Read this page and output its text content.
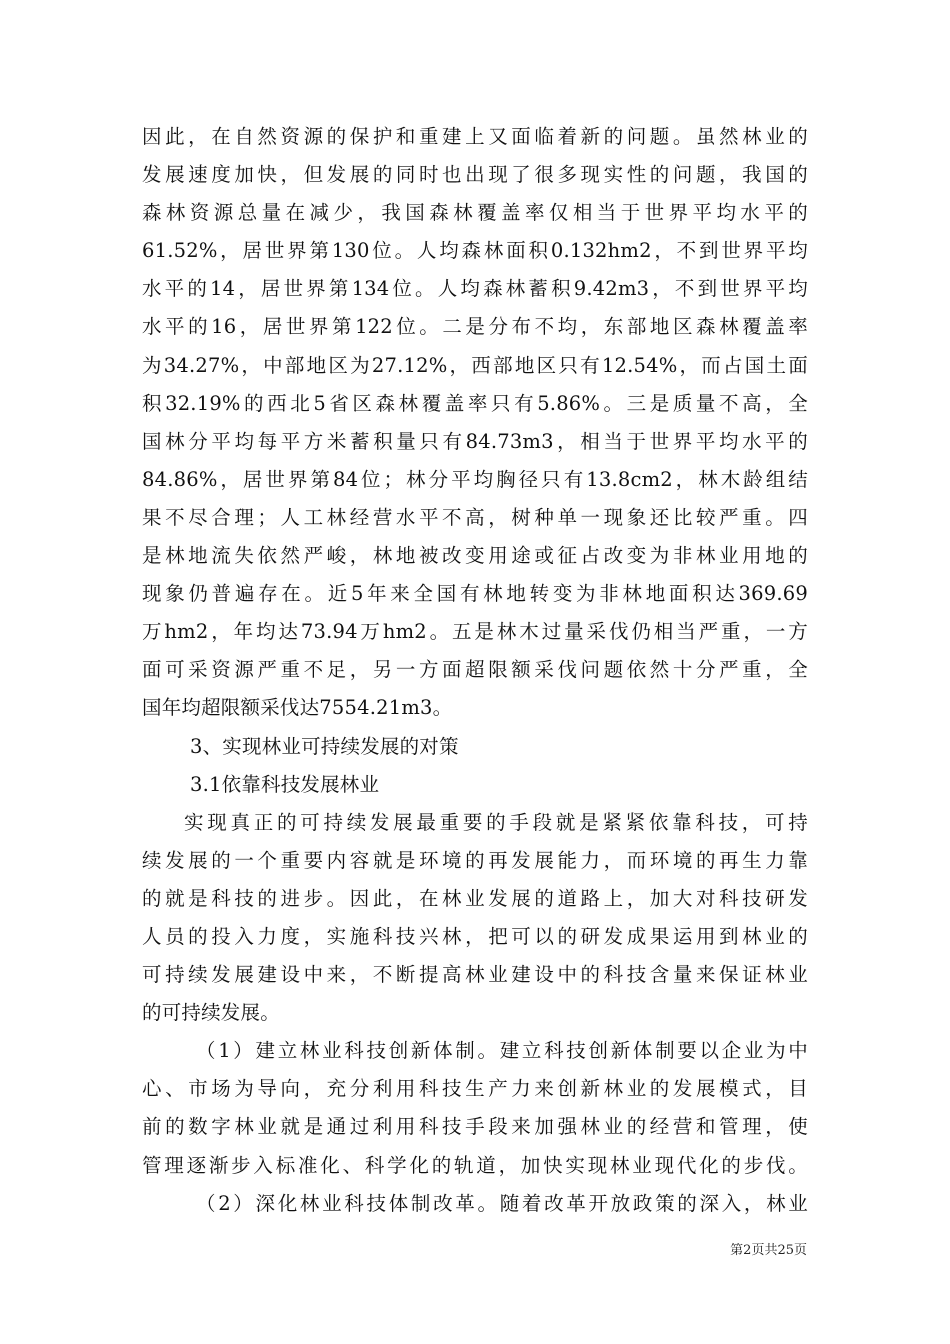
因此，在自然资源的保护和重建上又面临着新的问题。虽然林业的
发展速度加快，但发展的同时也出现了很多现实性的问题，我国的
森林资源总量在减少，我国森林覆盖率仅相当于世界平均水平的
61.52%，居世界第130位。人均森林面积0.132hm2，不到世界平均
水平的14，居世界第134位。人均森林蓄积9.42m3，不到世界平均
水平的16，居世界第122位。二是分布不均，东部地区森林覆盖率
为34.27%，中部地区为27.12%，西部地区只有12.54%，而占国土面
积32.19%的西北5省区森林覆盖率只有5.86%。三是质量不高，全
国林分平均每平方米蓄积量只有84.73m3，相当于世界平均水平的
84.86%，居世界第84位；林分平均胸径只有13.8cm2，林木龄组结
果不尽合理；人工林经营水平不高，树种单一现象还比较严重。四
是林地流失依然严峻，林地被改变用途或征占改变为非林业用地的
现象仍普遍存在。近5年来全国有林地转变为非林地面积达369.69
万hm2，年均达73.94万hm2。五是林木过量采伐仍相当严重，一方
面可采资源严重不足，另一方面超限额采伐问题依然十分严重，全
国年均超限额采伐达7554.21m3。
3、实现林业可持续发展的对策
3.1依靠科技发展林业
实现真正的可持续发展最重要的手段就是紧紧依靠科技，可持
续发展的一个重要内容就是环境的再发展能力，而环境的再生力靠
的就是科技的进步。因此，在林业发展的道路上，加大对科技研发
人员的投入力度，实施科技兴林，把可以的研发成果运用到林业的
可持续发展建设中来，不断提高林业建设中的科技含量来保证林业
的可持续发展。
（1）建立林业科技创新体制。建立科技创新体制要以企业为中
心、市场为导向，充分利用科技生产力来创新林业的发展模式，目
前的数字林业就是通过利用科技手段来加强林业的经营和管理，使
管理逐渐步入标准化、科学化的轨道，加快实现林业现代化的步伐。
（2）深化林业科技体制改革。随着改革开放政策的深入，林业
第2页共25页
